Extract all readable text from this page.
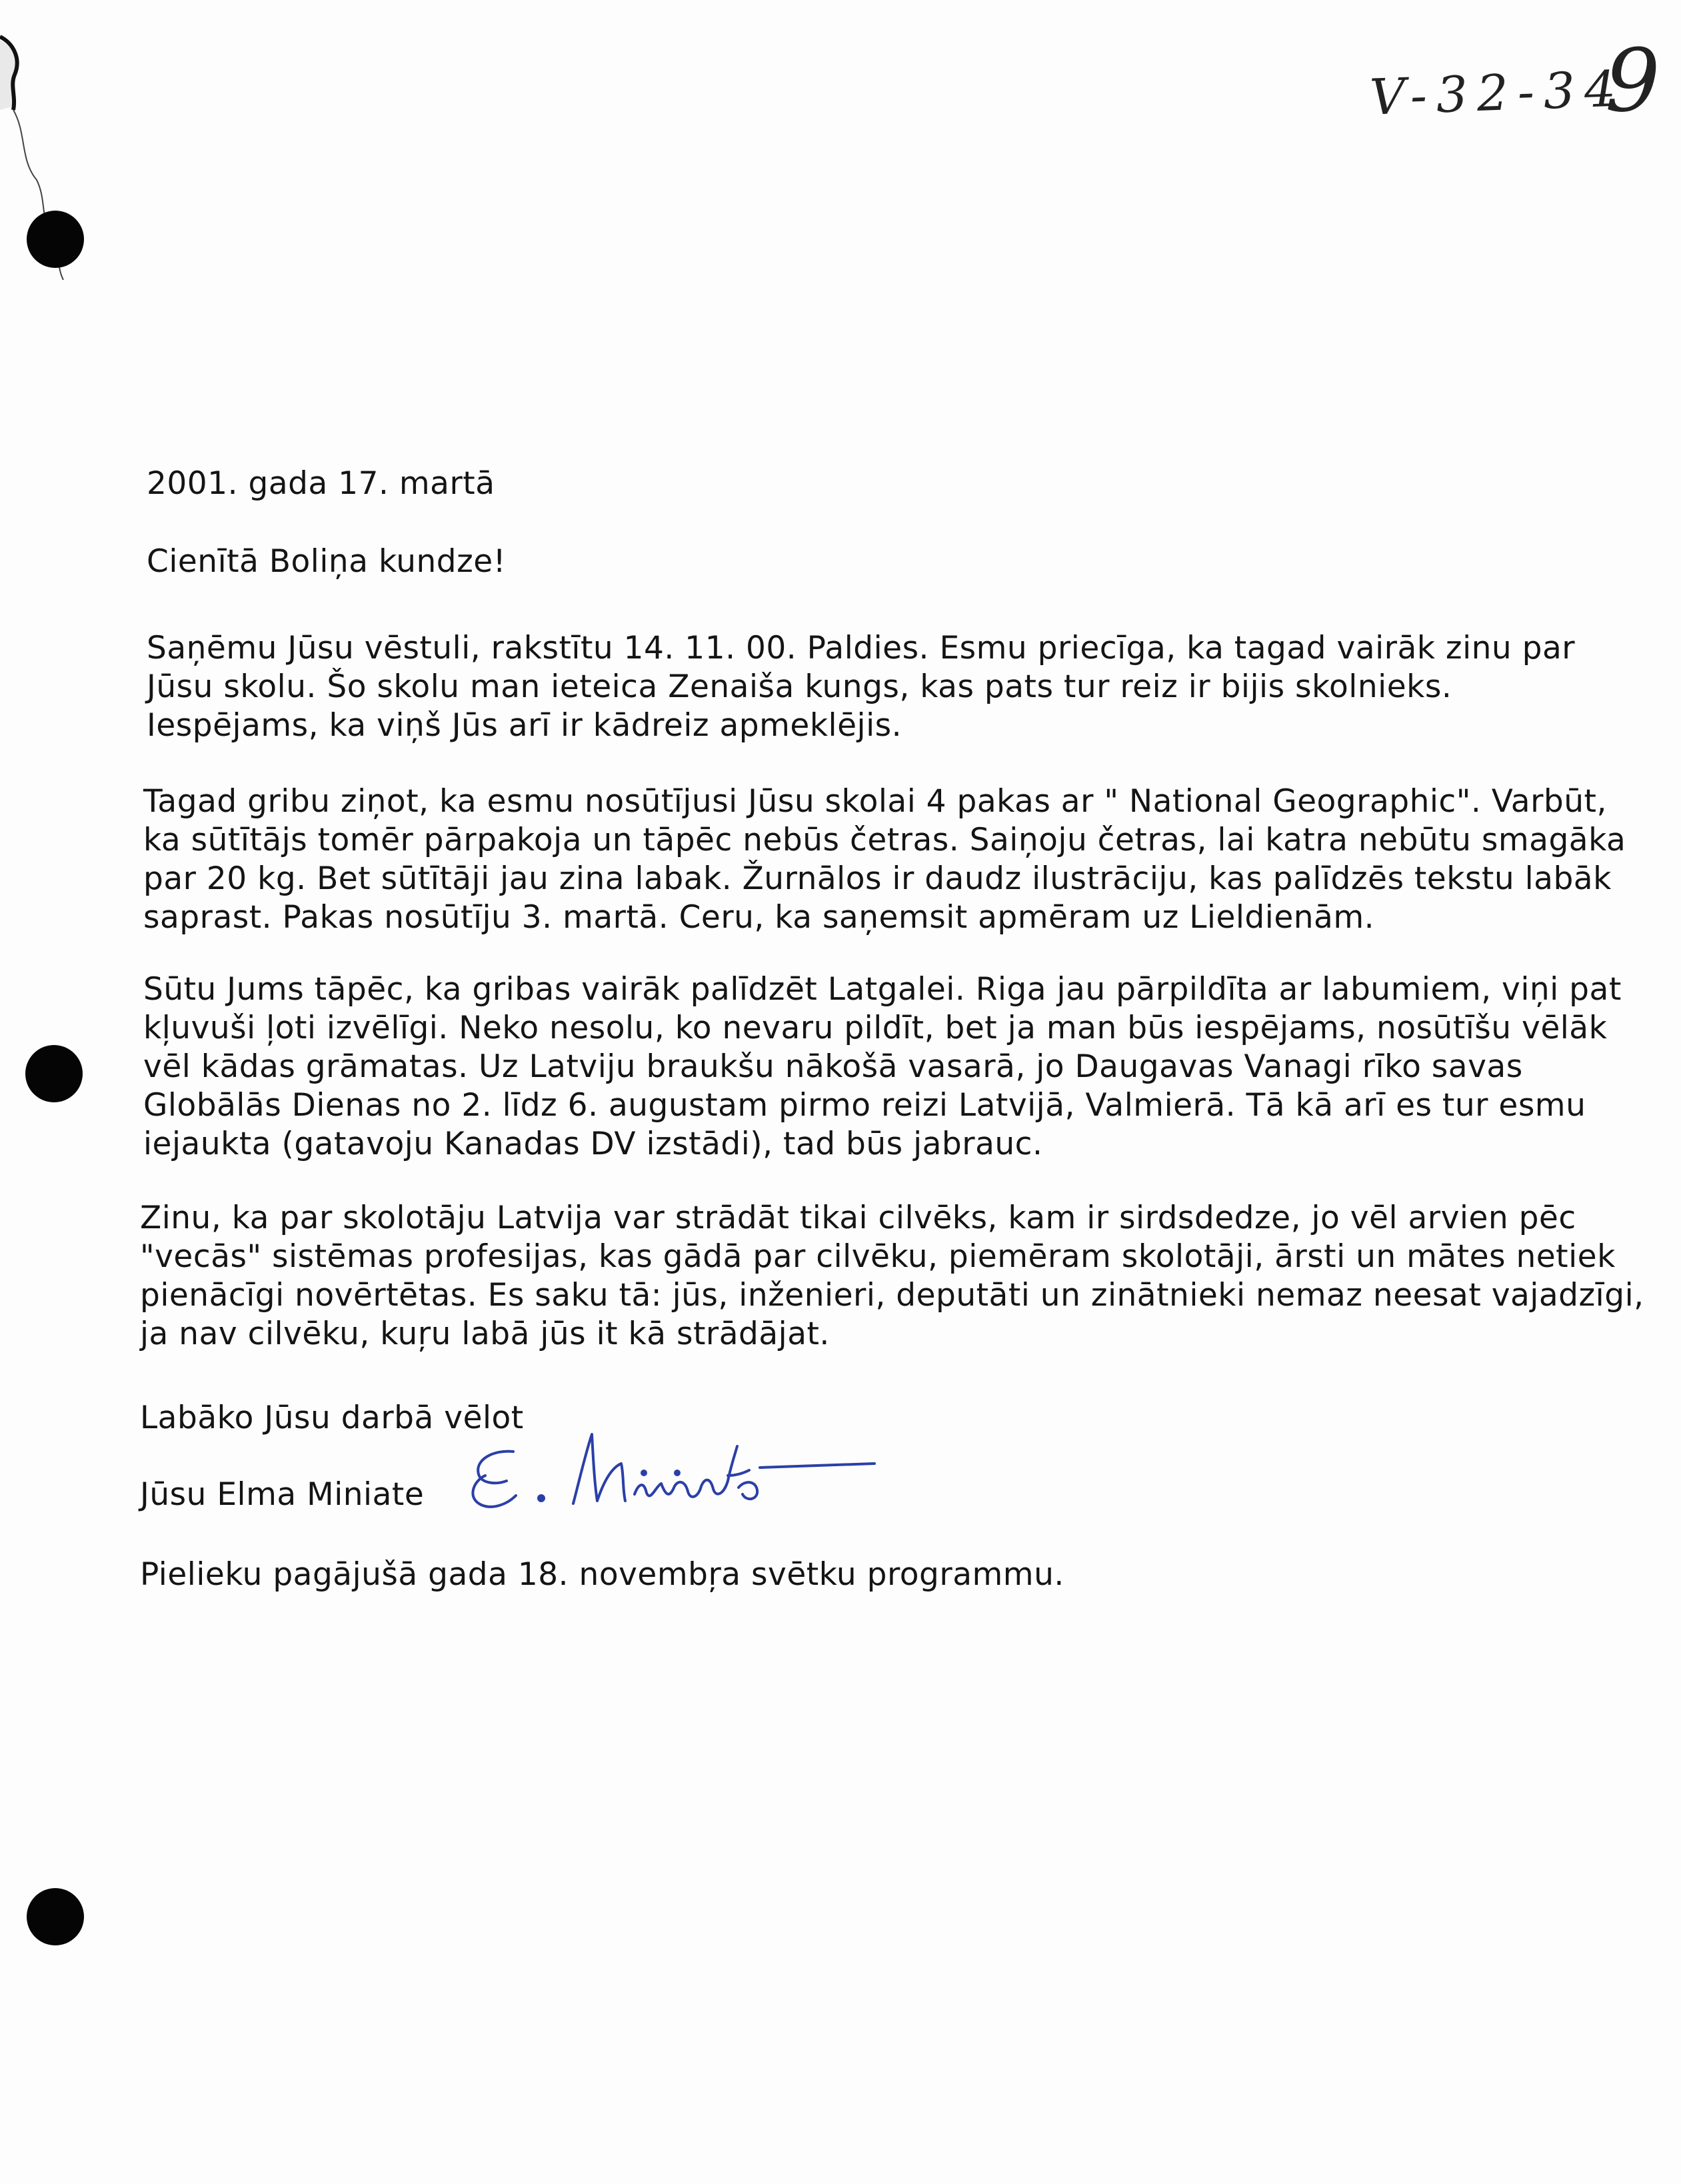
V-32-34
9
2001. gada 17. martā
Cienītā Boliņa kundze!
Saņēmu Jūsu vēstuli, rakstītu 14. 11. 00. Paldies. Esmu priecīga, ka tagad vairāk zinu par
Jūsu skolu. Šo skolu man ieteica Zenaiša kungs, kas pats tur reiz ir bijis skolnieks.
Iespējams, ka viņš Jūs arī ir kādreiz apmeklējis.
Tagad gribu ziņot, ka esmu nosūtījusi Jūsu skolai 4 pakas ar " National Geographic". Varbūt,
ka sūtītājs tomēr pārpakoja un tāpēc nebūs četras. Saiņoju četras, lai katra nebūtu smagāka
par 20 kg. Bet sūtītāji jau zina labak. Žurnālos ir daudz ilustrāciju, kas palīdzēs tekstu labāk
saprast. Pakas nosūtīju 3. martā. Ceru, ka saņemsit apmēram uz Lieldienām.
Sūtu Jums tāpēc, ka gribas vairāk palīdzēt Latgalei. Riga jau pārpildīta ar labumiem, viņi pat
kļuvuši ļoti izvēlīgi. Neko nesolu, ko nevaru pildīt, bet ja man būs iespējams, nosūtīšu vēlāk
vēl kādas grāmatas. Uz Latviju braukšu nākošā vasarā, jo Daugavas Vanagi rīko savas
Globālās Dienas no 2. līdz 6. augustam pirmo reizi Latvijā, Valmierā. Tā kā arī es tur esmu
iejaukta (gatavoju Kanadas DV izstādi), tad būs jabrauc.
Zinu, ka par skolotāju Latvija var strādāt tikai cilvēks, kam ir sirdsdedze, jo vēl arvien pēc
"vecās" sistēmas profesijas, kas gādā par cilvēku, piemēram skolotāji, ārsti un mātes netiek
pienācīgi novērtētas. Es saku tā: jūs, inženieri, deputāti un zinātnieki nemaz neesat vajadzīgi,
ja nav cilvēku, kuŗu labā jūs it kā strādājat.
Labāko Jūsu darbā vēlot
Jūsu Elma Miniate
Pielieku pagājušā gada 18. novembŗa svētku programmu.
